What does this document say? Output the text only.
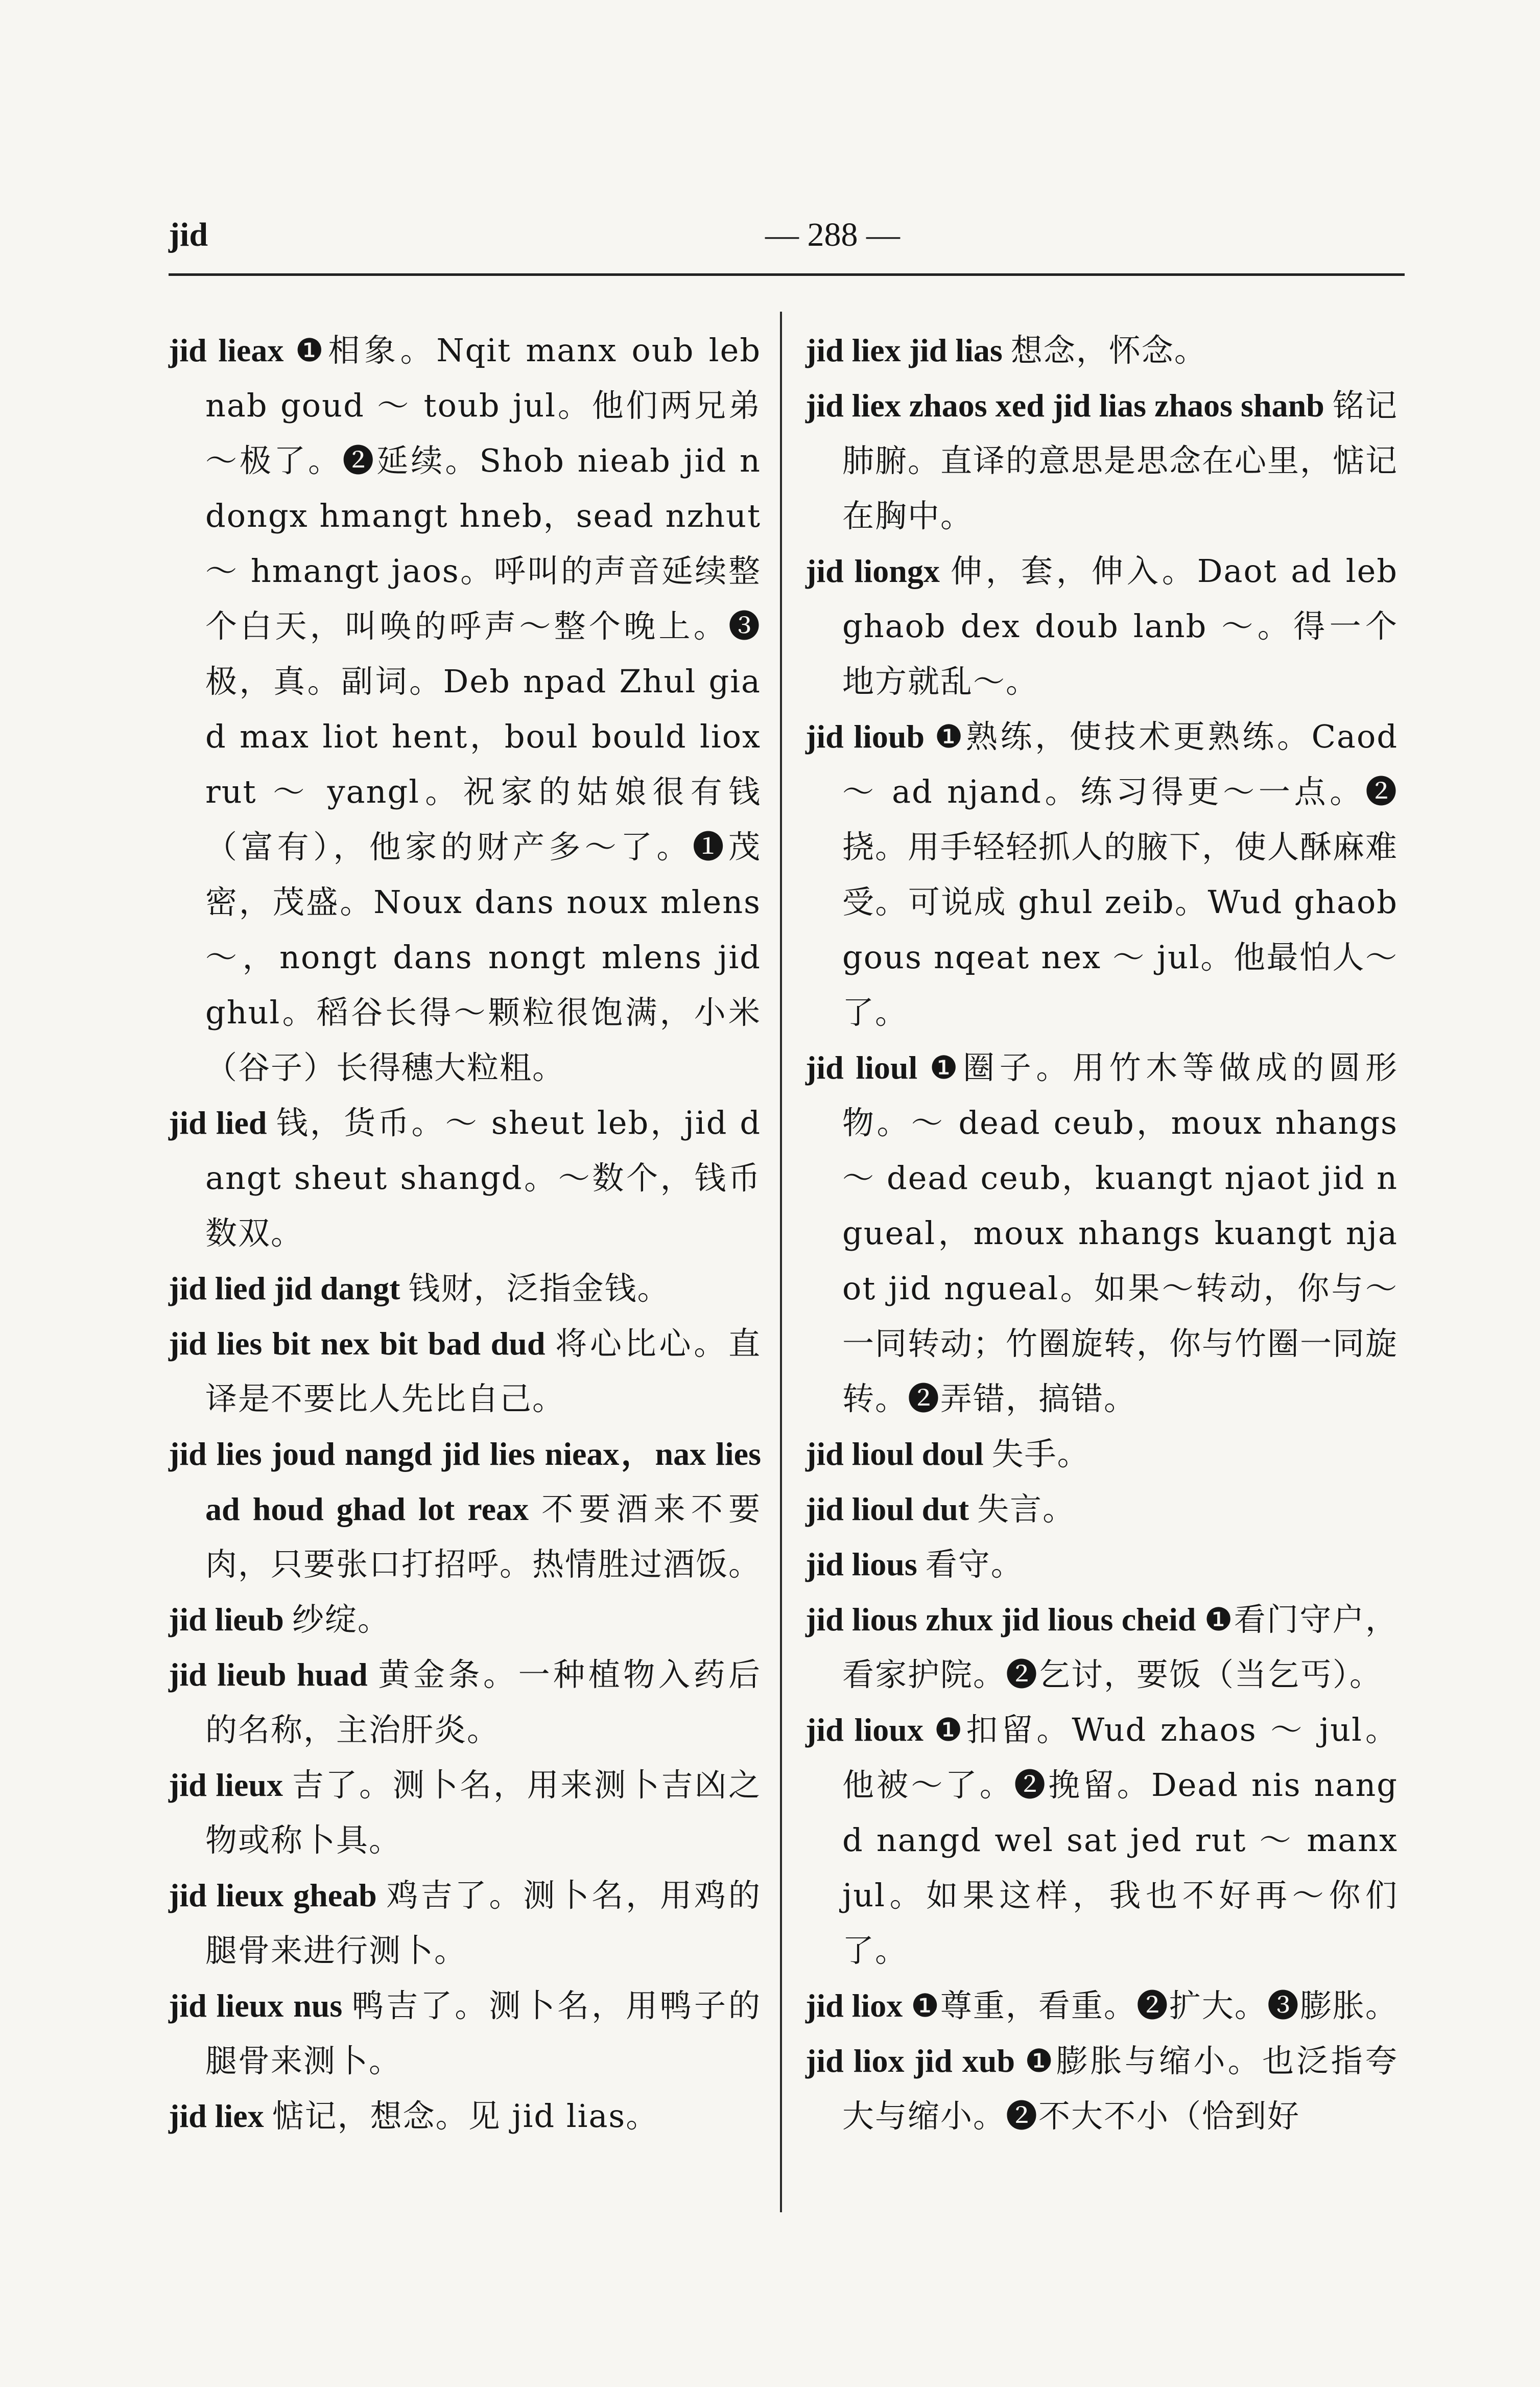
jid	— 288 —
jid lieax ❶相象。Nqit manx oub leb nab goud ～ toub jul。他们两兄弟～极了。❷延续。Shob nieab jid ndongx hmangt hneb，sead nzhut ～ hmangt jaos。呼叫的声音延续整个白天，叫唤的呼声～整个晚上。❸极，真。副词。Deb npad Zhul giad max liot hent，boul bould liox rut ～ yangl。祝家的姑娘很有钱（富有），他家的财产多～了。❶茂密，茂盛。Noux dans noux mlens ～，nongt dans nongt mlens jid ghul。稻谷长得～颗粒很饱满，小米（谷子）长得穗大粒粗。
jid lied 钱，货币。～ sheut leb，jid dangt sheut shangd。～数个，钱币数双。
jid lied jid dangt 钱财，泛指金钱。
jid lies bit nex bit bad dud 将心比心。直译是不要比人先比自己。
jid lies joud nangd jid lies nieax，nax lies ad houd ghad lot reax 不要酒来不要肉，只要张口打招呼。热情胜过酒饭。
jid lieub 纱绽。
jid lieub huad 黄金条。一种植物入药后的名称，主治肝炎。
jid lieux 吉了。测卜名，用来测卜吉凶之物或称卜具。
jid lieux gheab 鸡吉了。测卜名，用鸡的腿骨来进行测卜。
jid lieux nus 鸭吉了。测卜名，用鸭子的腿骨来测卜。
jid liex 惦记，想念。见 jid lias。
jid liex jid lias 想念，怀念。
jid liex zhaos xed jid lias zhaos shanb 铭记肺腑。直译的意思是思念在心里，惦记在胸中。
jid liongx 伸，套，伸入。Daot ad leb ghaob dex doub lanb ～。得一个地方就乱～。
jid lioub ❶熟练，使技术更熟练。Caod ～ ad njand。练习得更～一点。❷挠。用手轻轻抓人的腋下，使人酥麻难受。可说成 ghul zeib。Wud ghaob gous nqeat nex ～ jul。他最怕人～了。
jid lioul ❶圈子。用竹木等做成的圆形物。～ dead ceub，moux nhangs ～ dead ceub，kuangt njaot jid ngueal，moux nhangs kuangt njaot jid ngueal。如果～转动，你与～一同转动；竹圈旋转，你与竹圈一同旋转。❷弄错，搞错。
jid lioul doul 失手。
jid lioul dut 失言。
jid lious 看守。
jid lious zhux jid lious cheid ❶看门守户，看家护院。❷乞讨，要饭（当乞丐）。
jid lioux ❶扣留。Wud zhaos ～ jul。他被～了。❷挽留。Dead nis nangd nangd wel sat jed rut ～ manx jul。如果这样，我也不好再～你们了。
jid liox ❶尊重，看重。❷扩大。❸膨胀。
jid liox jid xub ❶膨胀与缩小。也泛指夸大与缩小。❷不大不小（恰到好
